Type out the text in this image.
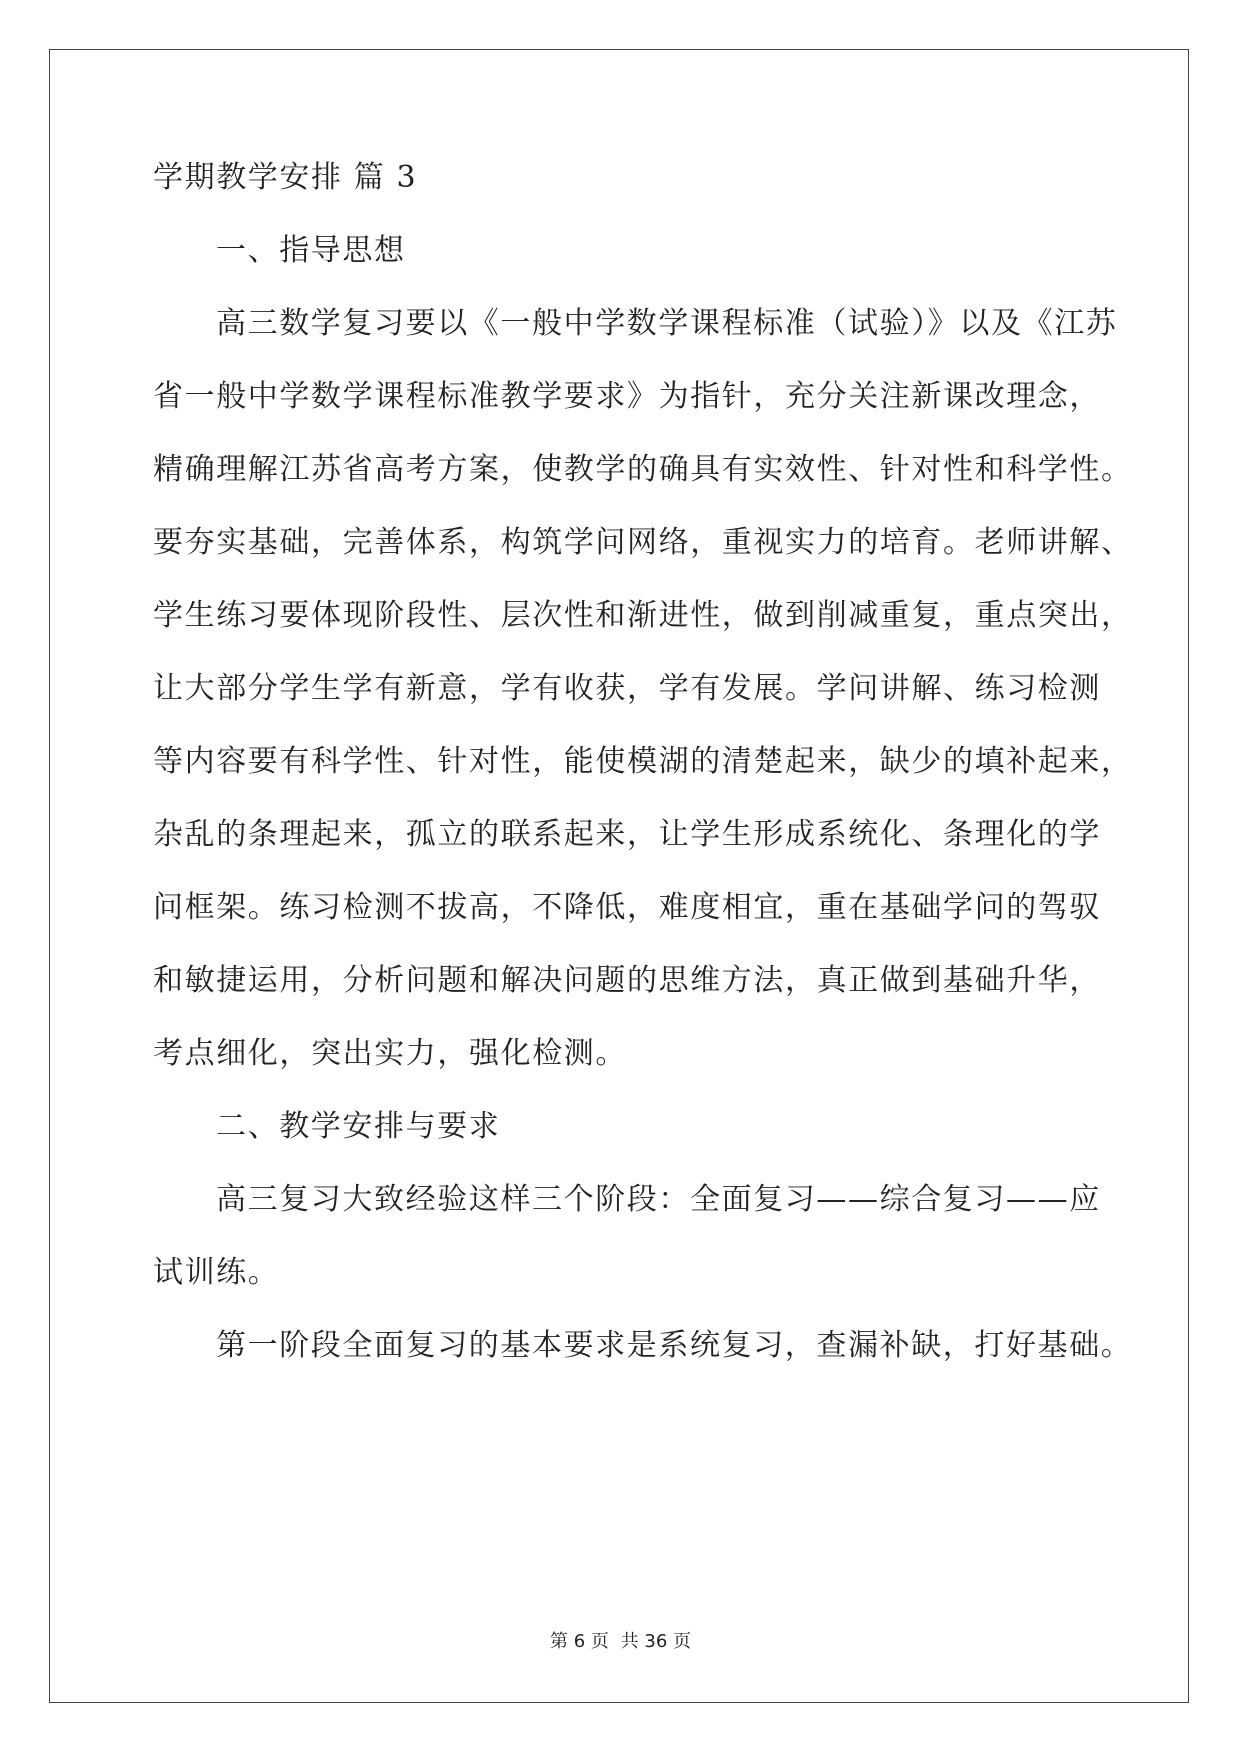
学期教学安排 篇 3
一、指导思想
高三数学复习要以《一般中学数学课程标准（试验）》以及《江苏
省一般中学数学课程标准教学要求》为指针，充分关注新课改理念，
精确理解江苏省高考方案，使教学的确具有实效性、针对性和科学性。
要夯实基础，完善体系，构筑学问网络，重视实力的培育。老师讲解、
学生练习要体现阶段性、层次性和渐进性，做到削减重复，重点突出，
让大部分学生学有新意，学有收获，学有发展。学问讲解、练习检测
等内容要有科学性、针对性，能使模湖的清楚起来，缺少的填补起来，
杂乱的条理起来，孤立的联系起来，让学生形成系统化、条理化的学
问框架。练习检测不拔高，不降低，难度相宜，重在基础学问的驾驭
和敏捷运用，分析问题和解决问题的思维方法，真正做到基础升华，
考点细化，突出实力，强化检测。
二、教学安排与要求
高三复习大致经验这样三个阶段：全面复习——综合复习——应
试训练。
第一阶段全面复习的基本要求是系统复习，查漏补缺，打好基础。
第 6 页 共 36 页
